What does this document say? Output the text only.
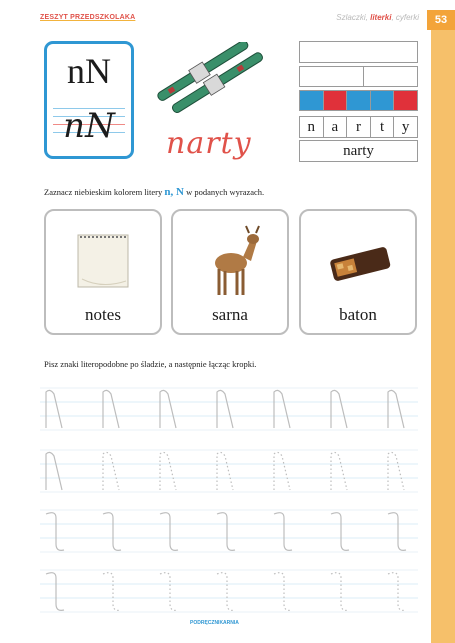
ZESZYT PRZEDSZKOLAKA	Szlaczki, literki, cyferki	53
nN
nN	narty	n	a	r	t	y
narty
Zaznacz niebieskim kolorem litery n, N w podanych wyrazach.
notes	sarna	baton
Pisz znaki literopodobne po śladzie, a następnie łącząc kropki.
PODRĘCZNIKARNIA
